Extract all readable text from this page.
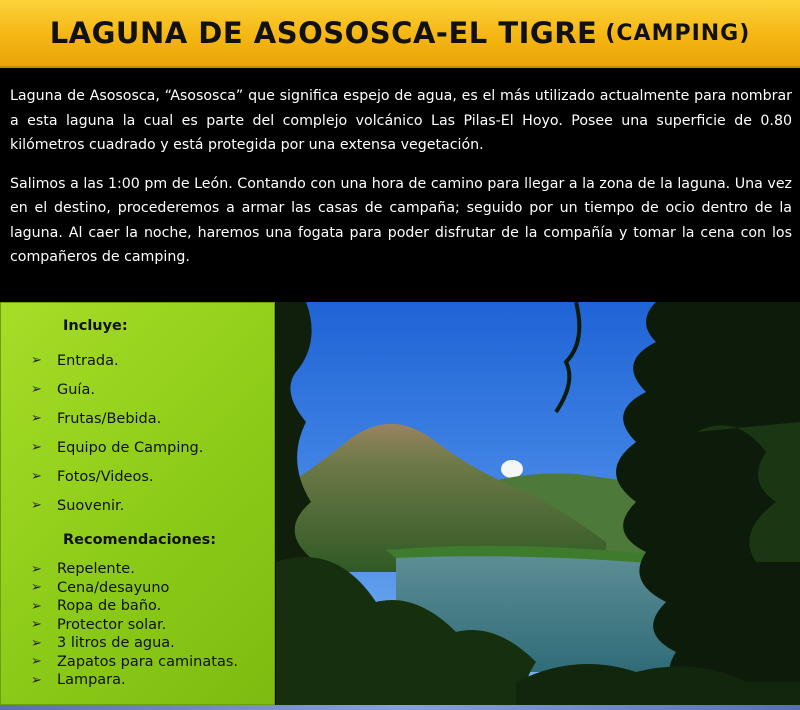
LAGUNA DE ASOSOSCA-EL TIGRE (CAMPING)

Laguna de Asososca, “Asososca” que significa espejo de agua, es el más utilizado actualmente para nombrar a esta laguna la cual es parte del complejo volcánico Las Pilas-El Hoyo. Posee una superficie de 0.80 kilómetros cuadrado y está protegida por una extensa vegetación.

Salimos a las 1:00 pm de León. Contando con una hora de camino para llegar a la zona de la laguna. Una vez en el destino, procederemos a armar las casas de campaña; seguido por un tiempo de ocio dentro de la laguna. Al caer la noche, haremos una fogata para poder disfrutar de la compañía y tomar la cena con los compañeros de camping.

Incluye:
➢ Entrada.
➢ Guía.
➢ Frutas/Bebida.
➢ Equipo de Camping.
➢ Fotos/Videos.
➢ Suovenir.
Recomendaciones:
➢ Repelente.
➢ Cena/desayuno
➢ Ropa de baño.
➢ Protector solar.
➢ 3 litros de agua.
➢ Zapatos para caminatas.
➢ Lampara.
